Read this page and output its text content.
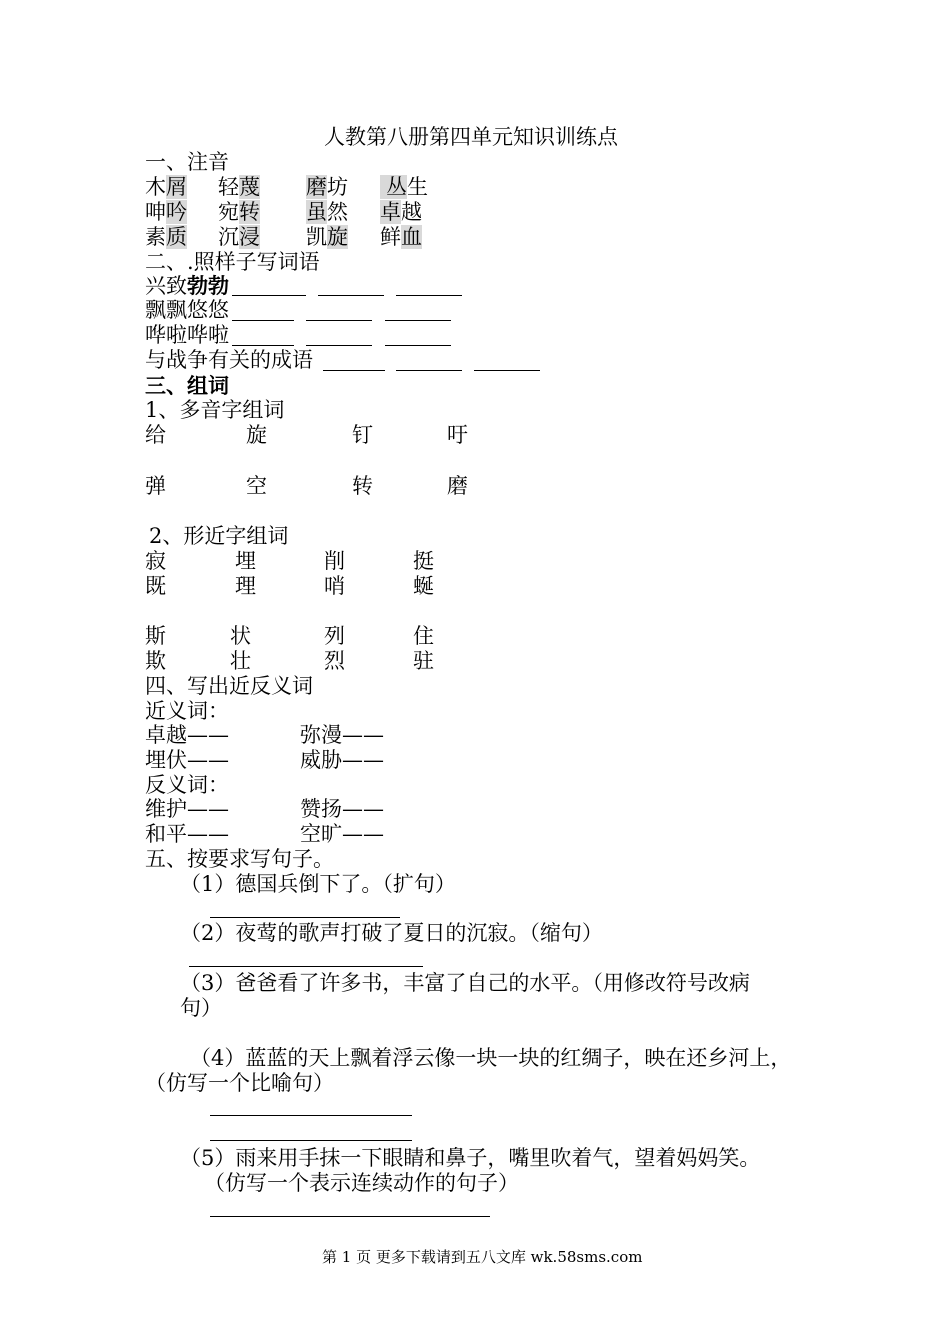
人教第八册第四单元知识训练点
一、注音
木屑 轻蔑 磨坊 丛生
呻吟 宛转 虽然 卓越
素质 沉浸 凯旋 鲜血
二、.照样子写词语
兴致勃勃
飘飘悠悠
哗啦哗啦
与战争有关的成语
三、组词
1、多音字组词
给	旋	钉	吁
弹	空	转	磨
2、形近字组词
寂	埋	削	挺
既	理	哨	蜒
斯	状	列	住
欺	壮	烈	驻
四、写出近反义词
近义词：
卓越——	弥漫——
埋伏——	威胁——
反义词：
维护——	赞扬——
和平——	空旷——
五、按要求写句子。
（1）德国兵倒下了。（扩句）
（2）夜莺的歌声打破了夏日的沉寂。（缩句）
（3）爸爸看了许多书，丰富了自己的水平。（用修改符号改病
句）
（4）蓝蓝的天上飘着浮云像一块一块的红绸子，映在还乡河上，
（仿写一个比喻句）
（5）雨来用手抹一下眼睛和鼻子，嘴里吹着气，望着妈妈笑。
（仿写一个表示连续动作的句子）
第 1 页 更多下载请到五八文库 wk.58sms.com
